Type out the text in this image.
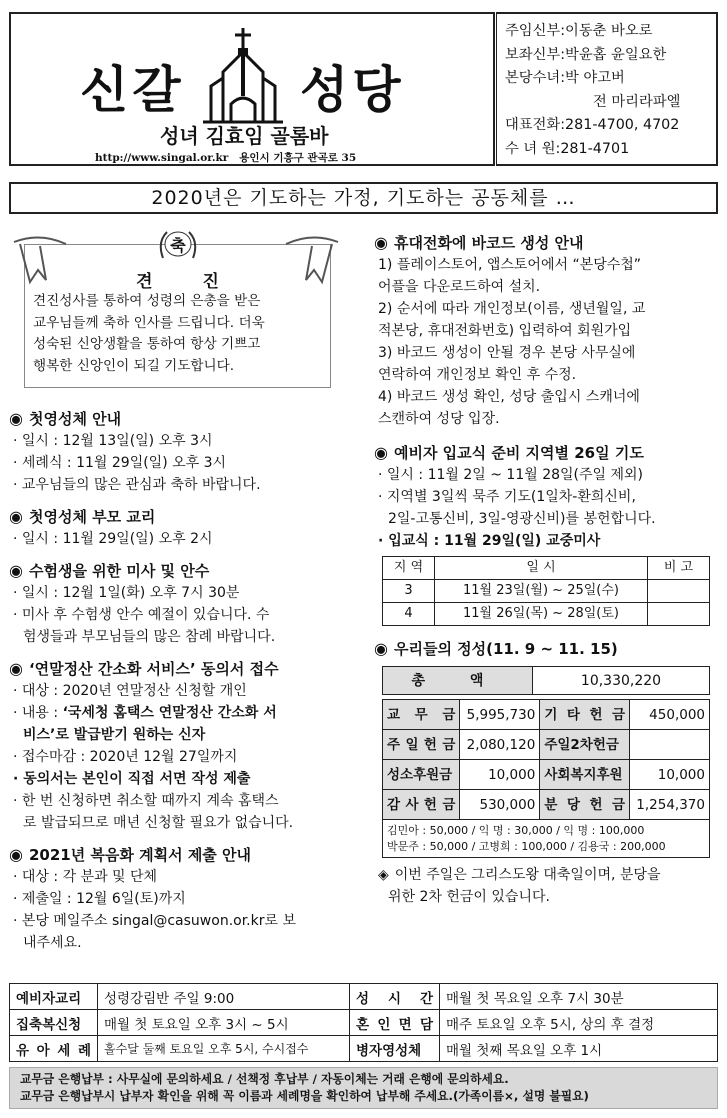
신갈 성당
성녀 김효임 골롬바
http://www.singal.or.kr 용인시 기흥구 관곡로 35
주임신부:이동춘 바오로
보좌신부:박윤홉 윤일요한
본당수녀:박 야고버
전 마리라파엘
대표전화:281-4700, 4702
수 녀 원:281-4701
2020년은 기도하는 가정, 기도하는 공동체를 …
견진

견진성사를 통하여 성령의 은총을 받은

교우님들께 축하 인사를 드립니다. 더욱

성숙된 신앙생활을 통하여 항상 기쁘고

행복한 신앙인이 되길 기도합니다.

축
◉ 첫영성체 안내
· 일시 : 12월 13일(일) 오후 3시
· 세례식 : 11월 29일(일) 오후 3시
· 교우님들의 많은 관심과 축하 바랍니다.
◉ 첫영성체 부모 교리
· 일시 : 11월 29일(일) 오후 2시
◉ 수험생을 위한 미사 및 안수
· 일시 : 12월 1일(화) 오후 7시 30분
· 미사 후 수험생 안수 예절이 있습니다. 수
험생들과 부모님들의 많은 참례 바랍니다.
◉ ‘연말정산 간소화 서비스’ 동의서 접수
· 대상 : 2020년 연말정산 신청할 개인
· 내용 : ‘국세청 홈택스 연말정산 간소화 서
비스’로 발급받기 원하는 신자
· 접수마감 : 2020년 12월 27일까지
· 동의서는 본인이 직접 서면 작성 제출
· 한 번 신청하면 취소할 때까지 계속 홈택스
로 발급되므로 매년 신청할 필요가 없습니다.
◉ 2021년 복음화 계획서 제출 안내
· 대상 : 각 분과 및 단체
· 제출일 : 12월 6일(토)까지
· 본당 메일주소 singal@casuwon.or.kr로 보
내주세요.
◉ 휴대전화에 바코드 생성 안내
1) 플레이스토어, 앱스토어에서 “본당수첩”
어플을 다운로드하여 설치.
2) 순서에 따라 개인정보(이름, 생년월일, 교
적본당, 휴대전화번호) 입력하여 회원가입
3) 바코드 생성이 안될 경우 본당 사무실에
연락하여 개인정보 확인 후 수정.
4) 바코드 생성 확인, 성당 출입시 스캐너에
스캔하여 성당 입장.
◉ 예비자 입교식 준비 지역별 26일 기도
· 일시 : 11월 2일 ~ 11월 28일(주일 제외)
· 지역별 3일씩 묵주 기도(1일차-환희신비,
2일-고통신비, 3일-영광신비)를 봉헌합니다.
· 입교식 : 11월 29일(일) 교중미사
지 역	일 시	비 고
3	11월 23일(월) ~ 25일(수)	
4	11월 26일(목) ~ 28일(토)	
◉ 우리들의 정성(11. 9 ~ 11. 15)
총 액	10,330,220
교 무 금	5,995,730	기 타 헌 금	450,000
주 일 헌 금	2,080,120	주일2차헌금	
성소후원금	10,000	사회복지후원	10,000
감 사 헌 금	530,000	분 당 헌 금	1,254,370

김민아 : 50,000 / 익 명 : 30,000 / 익 명 : 100,000
박문주 : 50,000 / 고병희 : 100,000 / 김용국 : 200,000			
◈ 이번 주일은 그리스도왕 대축일이며, 분당을
위한 2차 헌금이 있습니다.
예비자교리	성령강림반 주일 9:00	성 시 간	매월 첫 목요일 오후 7시 30분
집축복신청	매월 첫 토요일 오후 3시 ~ 5시	혼 인 면 담	매주 토요일 오후 5시, 상의 후 결정
유 아 세 례	홀수달 둘째 토요일 오후 5시, 수시접수	병자영성체	매월 첫째 목요일 오후 1시
교무금 은행납부 : 사무실에 문의하세요 / 선책정 후납부 / 자동이체는 거래 은행에 문의하세요.
교무금 은행납부시 납부자 확인을 위해 꼭 이름과 세례명을 확인하여 납부해 주세요.(가족이름×, 설명 불필요)
